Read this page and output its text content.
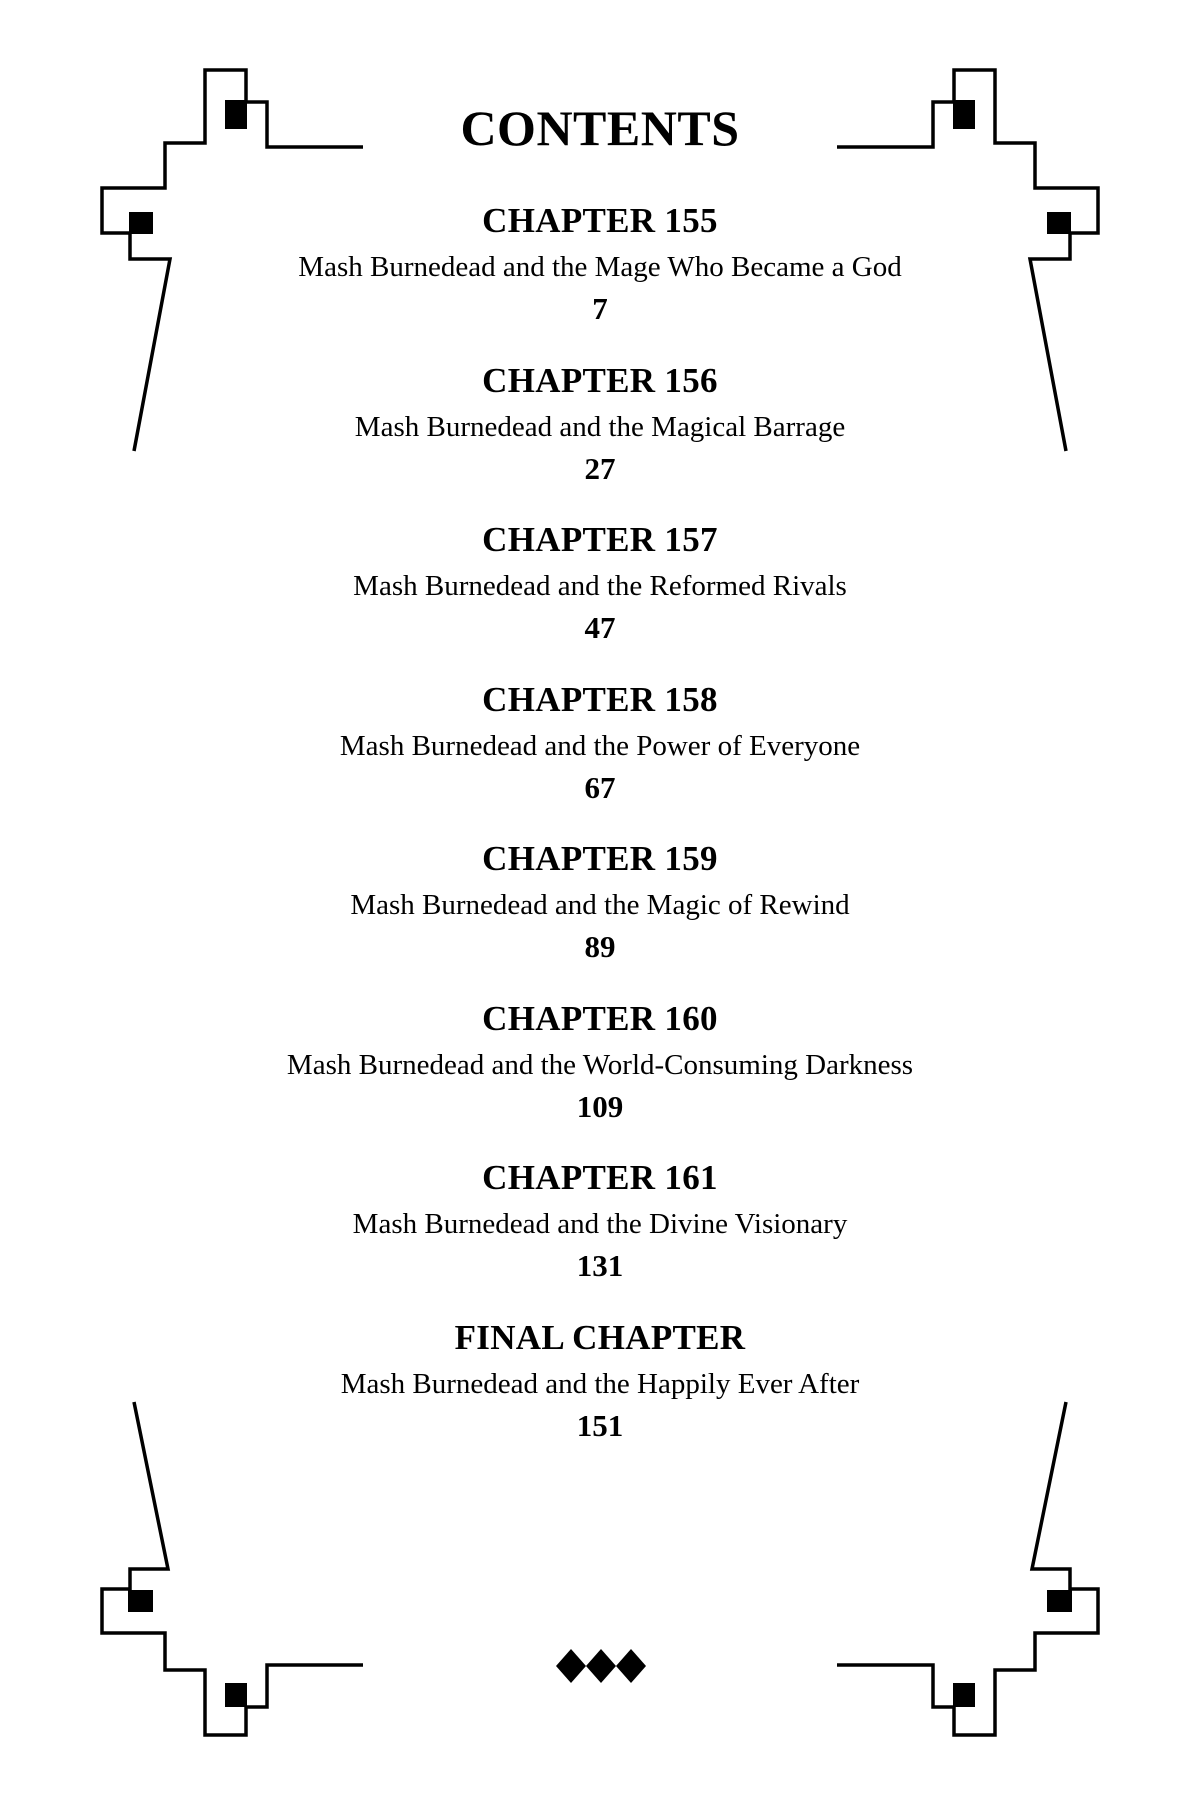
CONTENTS
CHAPTER 155
Mash Burnedead and the Mage Who Became a God
7
CHAPTER 156
Mash Burnedead and the Magical Barrage
27
CHAPTER 157
Mash Burnedead and the Reformed Rivals
47
CHAPTER 158
Mash Burnedead and the Power of Everyone
67
CHAPTER 159
Mash Burnedead and the Magic of Rewind
89
CHAPTER 160
Mash Burnedead and the World-Consuming Darkness
109
CHAPTER 161
Mash Burnedead and the Divine Visionary
131
FINAL CHAPTER
Mash Burnedead and the Happily Ever After
151
